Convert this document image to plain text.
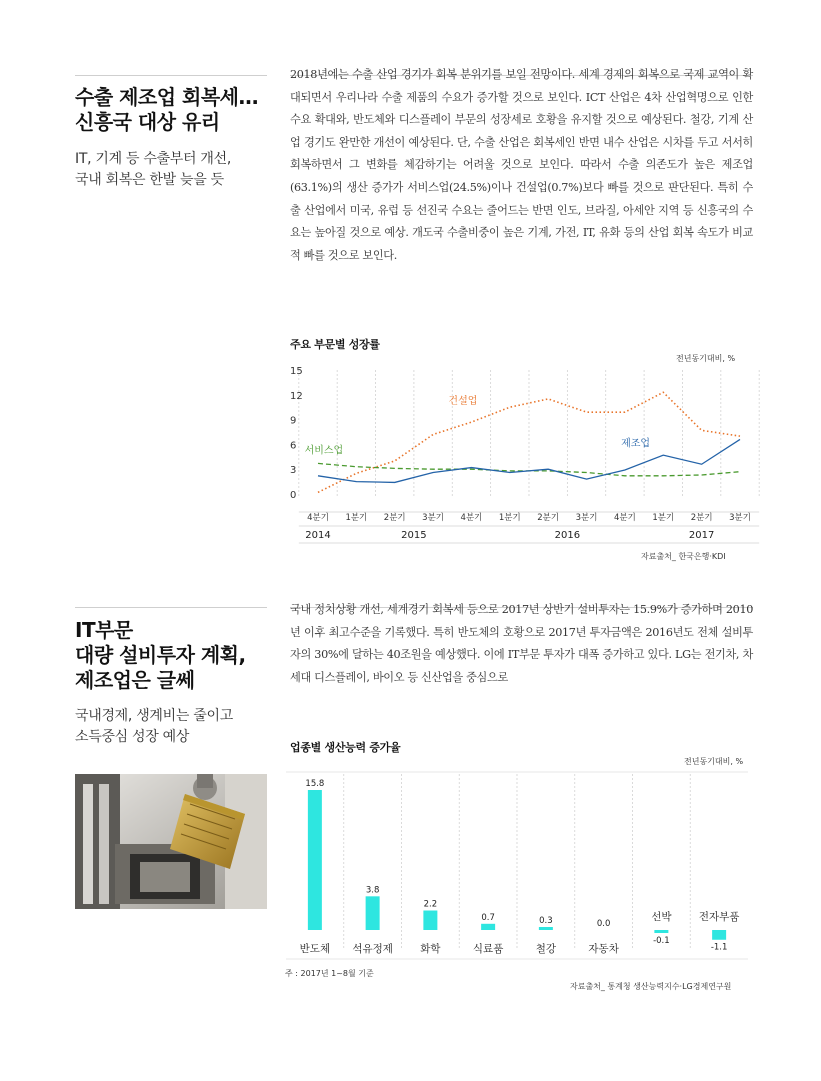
수출 제조업 회복세…
신흥국 대상 유리
IT, 기계 등 수출부터 개선,
국내 회복은 한발 늦을 듯
2018년에는 수출 산업 경기가 회복 분위기를 보일 전망이다. 세계 경제의 회복으로 국제 교역이 확대되면서 우리나라 수출 제품의 수요가 증가할 것으로 보인다. ICT 산업은 4차 산업혁명으로 인한 수요 확대와, 반도체와 디스플레이 부문의 성장세로 호황을 유지할 것으로 예상된다. 철강, 기계 산업 경기도 완만한 개선이 예상된다. 단, 수출 산업은 회복세인 반면 내수 산업은 시차를 두고 서서히 회복하면서 그 변화를 체감하기는 어려울 것으로 보인다. 따라서 수출 의존도가 높은 제조업(63.1%)의 생산 증가가 서비스업(24.5%)이나 건설업(0.7%)보다 빠를 것으로 판단된다. 특히 수출 산업에서 미국, 유럽 등 선진국 수요는 줄어드는 반면 인도, 브라질, 아세안 지역 등 신흥국의 수요는 높아질 것으로 예상. 개도국 수출비중이 높은 기계, 가전, IT, 유화 등의 산업 회복 속도가 비교적 빠를 것으로 보인다.
주요 부문별 성장률
전년동기대비, %
0
3
6
9
12
15
건설업
서비스업
제조업
4분기 1분기 2분기 3분기 4분기 1분기 2분기 3분기 4분기 1분기 2분기 3분기
2014	2015	2016	2017
자료출처_ 한국은행·KDI
IT부문
대량 설비투자 계획,
제조업은 글쎄
국내경제, 생계비는 줄이고
소득중심 성장 예상
국내 정치상황 개선, 세계경기 회복세 등으로 2017년 상반기 설비투자는 15.9%가 증가하며 2010년 이후 최고수준을 기록했다. 특히 반도체의 호황으로 2017년 투자금액은 2016년도 전체 설비투자의 30%에 달하는 40조원을 예상했다. 이에 IT부문 투자가 대폭 증가하고 있다. LG는 전기차, 차세대 디스플레이, 바이오 등 신산업을 중심으로
업종별 생산능력 증가율
전년동기대비, %
15.8
반도체
3.8
석유정제
2.2
화학
0.7
식료품
0.3
철강
0.0
자동차
-0.1
선박
-1.1
전자부품
주 : 2017년 1~8월 기준
자료출처_ 통계청 생산능력지수·LG경제연구원
